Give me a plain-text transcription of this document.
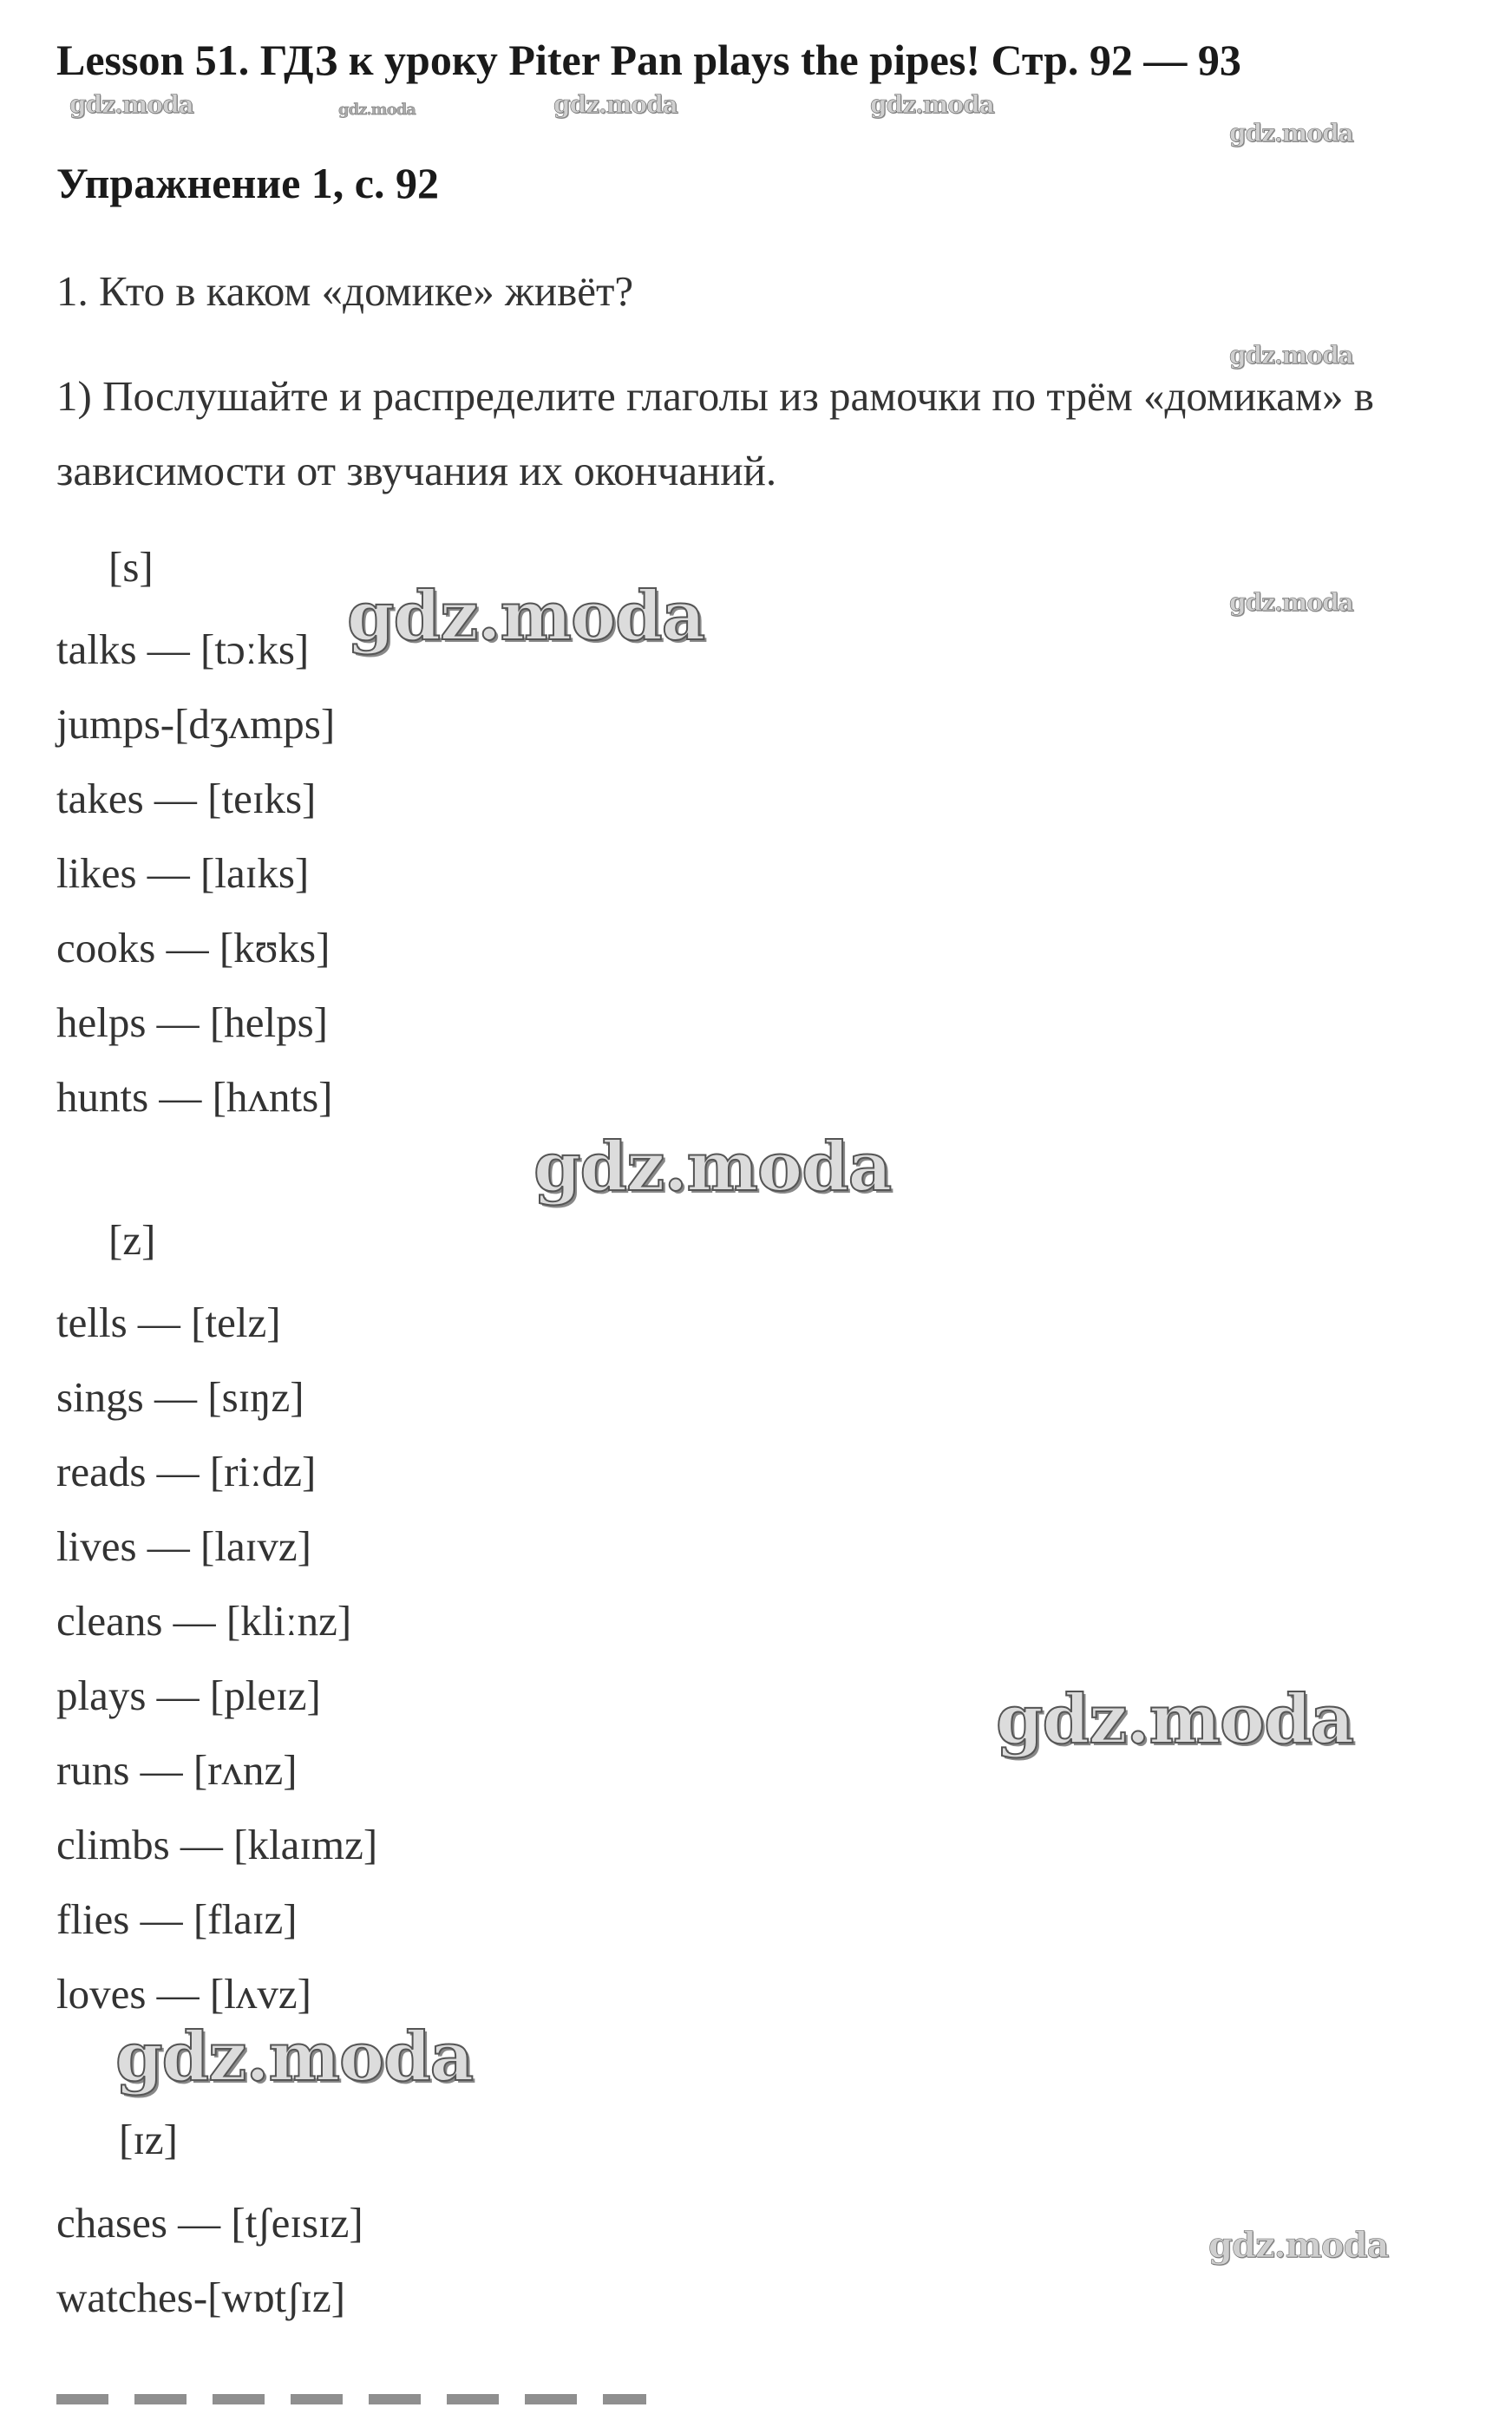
Lesson 51. ГДЗ к уроку Piter Pan plays the pipes! Стр. 92 — 93
Упражнение 1, с. 92

1. Кто в каком «домике» живёт?

1) Послушайте и распределите глаголы из рамочки по трём «домикам» в зависимости от звучания их окончаний.

[s]

talks — [tɔːks]
jumps-[dʒʌmps]
takes — [teɪks]
likes — [laɪks]
cooks — [kʊks]
helps — [helps]
hunts — [hʌnts]

[z]

tells — [telz]
sings — [sɪŋz]
reads — [riːdz]
lives — [laɪvz]
cleans — [kliːnz]
plays — [pleɪz]
runs — [rʌnz]
climbs — [klaɪmz]
flies — [flaɪz]
loves — [lʌvz]

[ɪz]

chases — [tʃeɪsɪz]
watches-[wɒtʃɪz]
gdz.moda	gdz.moda	gdz.moda	gdz.moda
gdz.moda
gdz.moda
gdz.moda
gdz.moda
gdz.moda
gdz.moda
gdz.moda
gdz.moda
